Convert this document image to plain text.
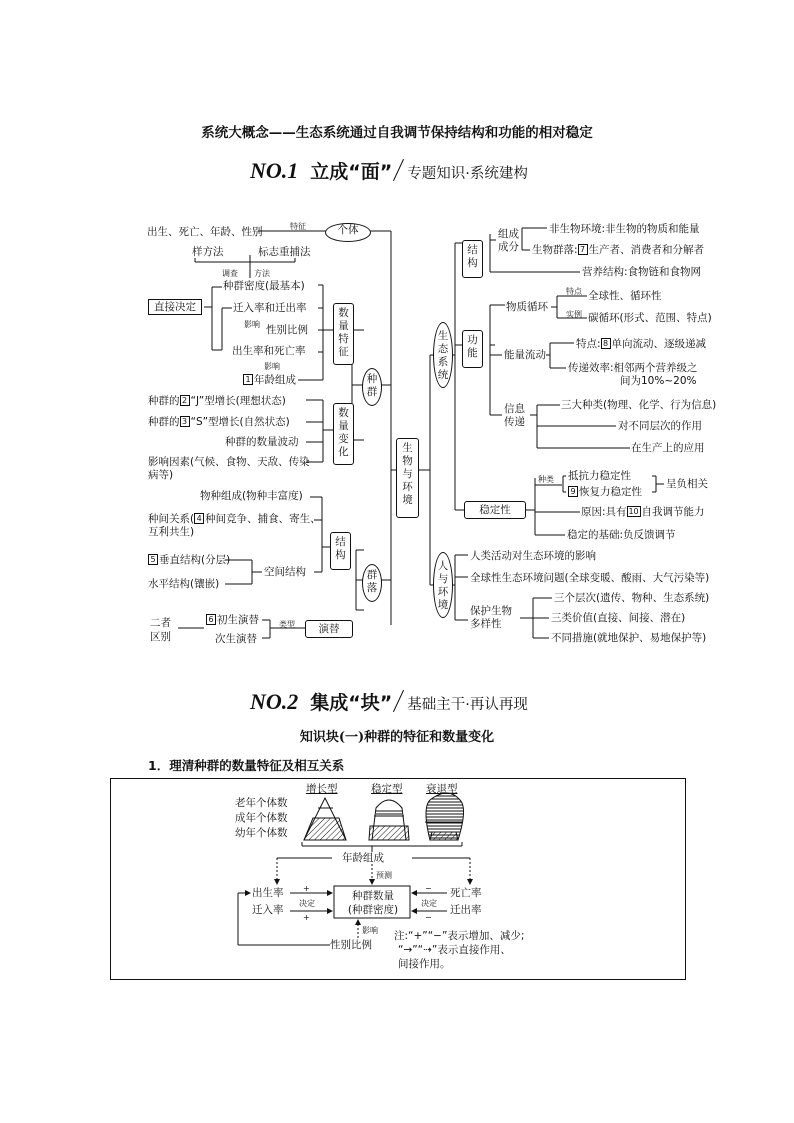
系统大概念——生态系统通过自我调节保持结构和功能的相对稳定
NO.1 立成“面” 专题知识·系统建构
生物与环境
个体
种群
群落
生态系统
人与环境
数量特征
数量变化
结构
演替
结构
功能
稳定性
出生、死亡、年龄、性别	特征
样方法	标志重捕法
调查 方法
种群密度(最基本)
直接决定	迁入率和迁出率
影响 性别比例
出生率和死亡率
影响
1 年龄组成
种群的 2 “J”型增长(理想状态)
种群的 3 “S”型增长(自然状态)
种群的数量波动
影响因素(气候、食物、天敌、传染
病等)
物种组成(物种丰富度)
种间关系( 4 种间竞争、捕食、寄生、
互利共生)
5 垂直结构(分层)
空间结构
水平结构(镶嵌)
二者
区别
6 初生演替
次生演替
类型
组成
成分
非生物环境:非生物的物质和能量
生物群落: 7 生产者、消费者和分解者
营养结构:食物链和食物网
物质循环
特点
实例
全球性、循环性
碳循环(形式、范围、特点)
能量流动
特点: 8 单向流动、逐级递减
传递效率:相邻两个营养级之
间为10%~20%
信息
传递
三大种类(物理、化学、行为信息)
对不同层次的作用
在生产上的应用
种类 抵抗力稳定性
9 恢复力稳定性
呈负相关
原因:具有 10 自我调节能力
稳定的基础:负反馈调节
人类活动对生态环境的影响
全球性生态环境问题(全球变暖、酸雨、大气污染等)
保护生物
多样性
三个层次(遗传、物种、生态系统)
三类价值(直接、间接、潜在)
不同措施(就地保护、易地保护等)
NO.2 集成“块” 基础主干·再认再现
知识块(一)种群的特征和数量变化
1．理清种群的数量特征及相互关系
增长型	稳定型 衰退型
老年个体数
成年个体数
幼年个体数
年龄组成
预测
种群数量
(种群密度)
出生率
迁入率
死亡率
迁出率
决定	决定
+
+
−
−
影响
性别比例
注:“+”“−”表示增加、减少;
“→”“⇢”表示直接作用、
间接作用。
